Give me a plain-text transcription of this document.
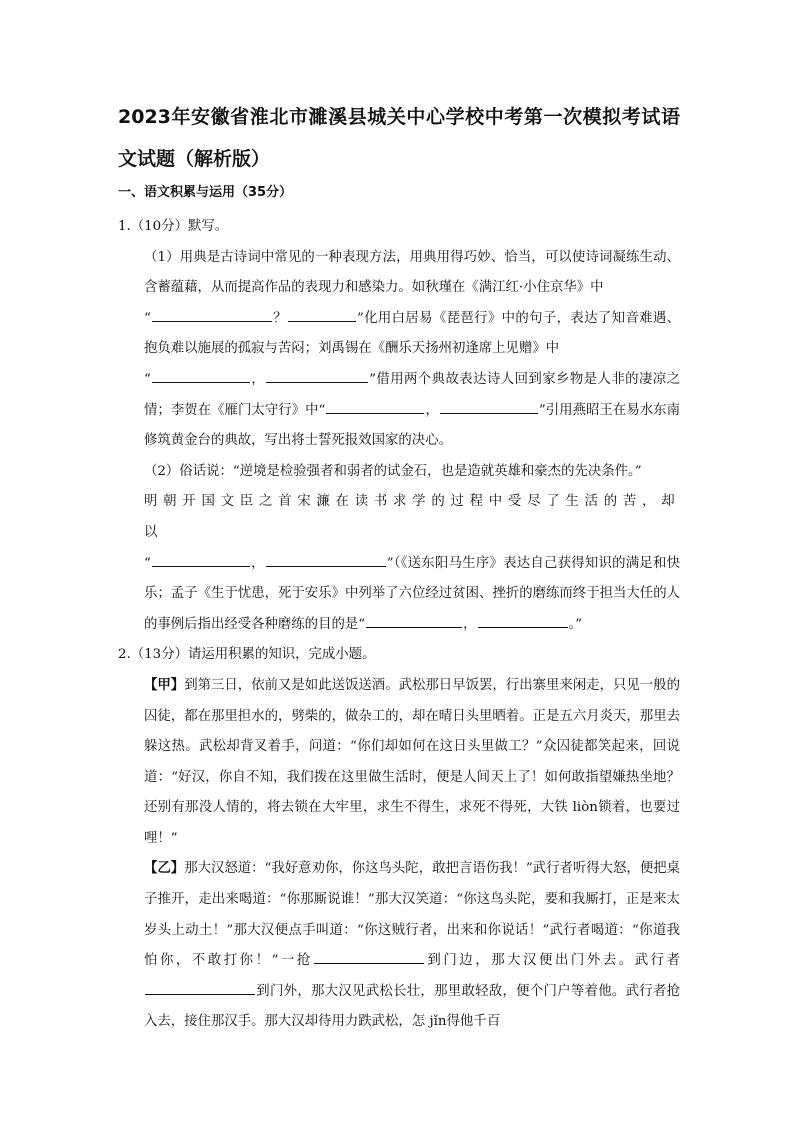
2023年安徽省淮北市濉溪县城关中心学校中考第一次模拟考试语文试题（解析版）
一、语文积累与运用（35分）

1.（10分）默写。

（1）用典是古诗词中常见的一种表现方法，用典用得巧妙、恰当，可以使诗词凝练生动、含蓄蕴藉，从而提高作品的表现力和感染力。如秋瑾在《满江红·小住京华》中
“	？	”化用白居易《琵琶行》中的句子，表达了知音难遇、抱负难以施展的孤寂与苦闷；刘禹锡在《酬乐天扬州初逢席上见赠》中
“	，	”借用两个典故表达诗人回到家乡物是人非的凄凉之情；李贺在《雁门太守行》中“	，	”引用燕昭王在易水东南修筑黄金台的典故，写出将士誓死报效国家的决心。

（2）俗话说：“逆境是检验强者和弱者的试金石，也是造就英雄和豪杰的先决条件。”
明朝开国文臣之首宋濂在读书求学的过程中受尽了生活的苦，却以
“	，	”（《送东阳马生序》表达自己获得知识的满足和快乐；孟子《生于忧患，死于安乐》中列举了六位经过贫困、挫折的磨练而终于担当大任的人的事例后指出经受各种磨练的目的是“	，	。”

2.（13分）请运用积累的知识，完成小题。

【甲】到第三日，依前又是如此送饭送酒。武松那日早饭罢，行出寨里来闲走，只见一般的囚徒，都在那里担水的，劈柴的，做杂工的，却在晴日头里晒着。正是五六月炎天，那里去躲这热。武松却背叉着手，问道：“你们却如何在这日头里做工？”众囚徒都笑起来，回说道：“好汉，你自不知，我们拨在这里做生活时，便是人间天上了！如何敢指望嫌热坐地？还别有那没人情的，将去锁在大牢里，求生不得生，求死不得死，大铁 liòn锁着，也要过哩！”

【乙】那大汉怒道：“我好意劝你，你这鸟头陀，敢把言语伤我！”武行者听得大怒，便把桌子推开，走出来喝道：“你那厮说谁！”那大汉笑道：“你这鸟头陀，要和我厮打，正是来太岁头上动土！”那大汉便点手叫道：“你这贼行者，出来和你说话！”武行者喝道：“你道我怕你，不敢打你！”一抢	到门边，那大汉便出门外去。武行者到门外，那大汉见武松长壮，那里敢轻敌，便个门户等着他。武行者抢入去，接住那汉手。那大汉却待用力跌武松，怎 jǐn得他千百
